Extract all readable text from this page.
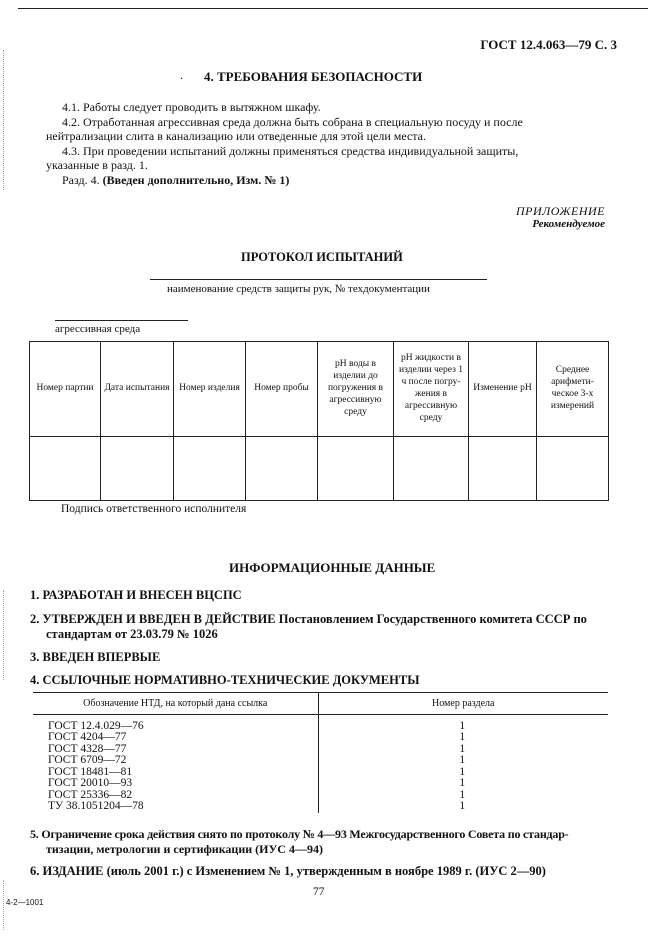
ГОСТ 12.4.063—79 С. 3
. 4. ТРЕБОВАНИЯ БЕЗОПАСНОСТИ
4.1. Работы следует проводить в вытяжном шкафу.
4.2. Отработанная агрессивная среда должна быть собрана в специальную посуду и после
нейтрализации слита в канализацию или отведенные для этой цели места.
4.3. При проведении испытаний должны применяться средства индивидуальной защиты,
указанные в разд. 1.
Разд. 4. (Введен дополнительно, Изм. № 1)
ПРИЛОЖЕНИЕ
Рекомендуемое
ПРОТОКОЛ ИСПЫТАНИЙ
наименование средств защиты рук, № техдокументации
агрессивная среда
Номер партии	Дата испытания	Номер изделия	Номер пробы	pH воды в изделии до погружения в агрессивную среду	pH жидкости в изделии через 1 ч после погру-жения в агрессивную среду	Изменение pH	Среднее арифмети-ческое 3-х измерений

Подпись ответственного исполнителя
ИНФОРМАЦИОННЫЕ ДАННЫЕ
1. РАЗРАБОТАН И ВНЕСЕН ВЦСПС
2. УТВЕРЖДЕН И ВВЕДЕН В ДЕЙСТВИЕ Постановлением Государственного комитета СССР по
стандартам от 23.03.79 № 1026
3. ВВЕДЕН ВПЕРВЫЕ
4. ССЫЛОЧНЫЕ НОРМАТИВНО-ТЕХНИЧЕСКИЕ ДОКУМЕНТЫ
Обозначение НТД, на который дана ссылка	Номер раздела

ГОСТ 12.4.029—76	1
ГОСТ 4204—77	1
ГОСТ 4328—77	1
ГОСТ 6709—72	1
ГОСТ 18481—81	1
ГОСТ 20010—93	1
ГОСТ 25336—82	1
ТУ 38.1051204—78	1
5. Ограничение срока действия снято по протоколу № 4—93 Межгосударственного Совета по стандар-
тизации, метрологии и сертификации (ИУС 4—94)
6. ИЗДАНИЕ (июль 2001 г.) с Изменением № 1, утвержденным в ноябре 1989 г. (ИУС 2—90)
77
4-2—1001
